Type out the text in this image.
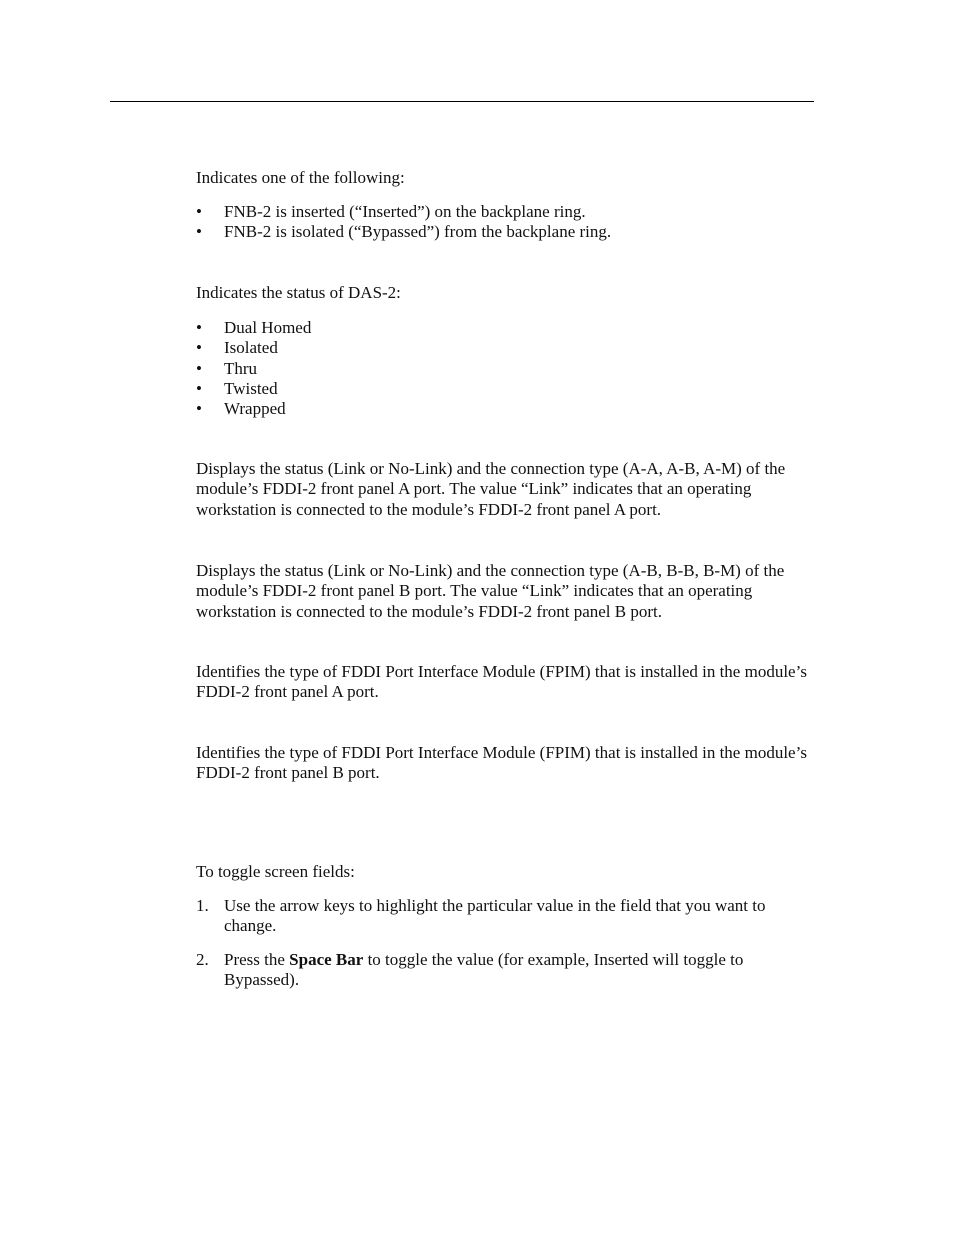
Indicates one of the following:

• FNB-2 is inserted (“Inserted”) on the backplane ring.
• FNB-2 is isolated (“Bypassed”) from the backplane ring.

Indicates the status of DAS-2:

• Dual Homed
• Isolated
• Thru
• Twisted
• Wrapped

Displays the status (Link or No-Link) and the connection type (A-A, A-B, A-M) of the module’s FDDI-2 front panel A port. The value “Link” indicates that an operating workstation is connected to the module’s FDDI-2 front panel A port.

Displays the status (Link or No-Link) and the connection type (A-B, B-B, B-M) of the module’s FDDI-2 front panel B port. The value “Link” indicates that an operating workstation is connected to the module’s FDDI-2 front panel B port.

Identifies the type of FDDI Port Interface Module (FPIM) that is installed in the module’s FDDI-2 front panel A port.

Identifies the type of FDDI Port Interface Module (FPIM) that is installed in the module’s FDDI-2 front panel B port.

To toggle screen fields:

1. Use the arrow keys to highlight the particular value in the field that you want to change.
2. Press the Space Bar to toggle the value (for example, Inserted will toggle to Bypassed).
